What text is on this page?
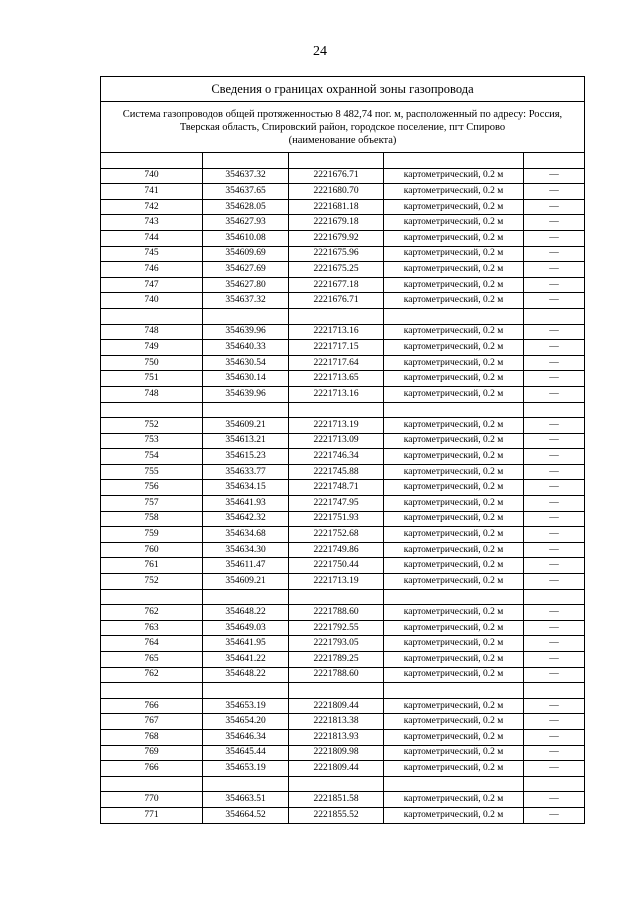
24
Сведения о границах охранной зоны газопровода				

Система газопроводов общей протяженностью 8 482,74 пог. м, расположенный по адресу: Россия,
Тверская область, Спировский район, городское поселение, пгт Спирово
(наименование объекта)				

740	354637.32	2221676.71	картометрический, 0.2 м	—
741	354637.65	2221680.70	картометрический, 0.2 м	—
742	354628.05	2221681.18	картометрический, 0.2 м	—
743	354627.93	2221679.18	картометрический, 0.2 м	—
744	354610.08	2221679.92	картометрический, 0.2 м	—
745	354609.69	2221675.96	картометрический, 0.2 м	—
746	354627.69	2221675.25	картометрический, 0.2 м	—
747	354627.80	2221677.18	картометрический, 0.2 м	—
740	354637.32	2221676.71	картометрический, 0.2 м	—

748	354639.96	2221713.16	картометрический, 0.2 м	—
749	354640.33	2221717.15	картометрический, 0.2 м	—
750	354630.54	2221717.64	картометрический, 0.2 м	—
751	354630.14	2221713.65	картометрический, 0.2 м	—
748	354639.96	2221713.16	картометрический, 0.2 м	—

752	354609.21	2221713.19	картометрический, 0.2 м	—
753	354613.21	2221713.09	картометрический, 0.2 м	—
754	354615.23	2221746.34	картометрический, 0.2 м	—
755	354633.77	2221745.88	картометрический, 0.2 м	—
756	354634.15	2221748.71	картометрический, 0.2 м	—
757	354641.93	2221747.95	картометрический, 0.2 м	—
758	354642.32	2221751.93	картометрический, 0.2 м	—
759	354634.68	2221752.68	картометрический, 0.2 м	—
760	354634.30	2221749.86	картометрический, 0.2 м	—
761	354611.47	2221750.44	картометрический, 0.2 м	—
752	354609.21	2221713.19	картометрический, 0.2 м	—

762	354648.22	2221788.60	картометрический, 0.2 м	—
763	354649.03	2221792.55	картометрический, 0.2 м	—
764	354641.95	2221793.05	картометрический, 0.2 м	—
765	354641.22	2221789.25	картометрический, 0.2 м	—
762	354648.22	2221788.60	картометрический, 0.2 м	—

766	354653.19	2221809.44	картометрический, 0.2 м	—
767	354654.20	2221813.38	картометрический, 0.2 м	—
768	354646.34	2221813.93	картометрический, 0.2 м	—
769	354645.44	2221809.98	картометрический, 0.2 м	—
766	354653.19	2221809.44	картометрический, 0.2 м	—

770	354663.51	2221851.58	картометрический, 0.2 м	—
771	354664.52	2221855.52	картометрический, 0.2 м	—
